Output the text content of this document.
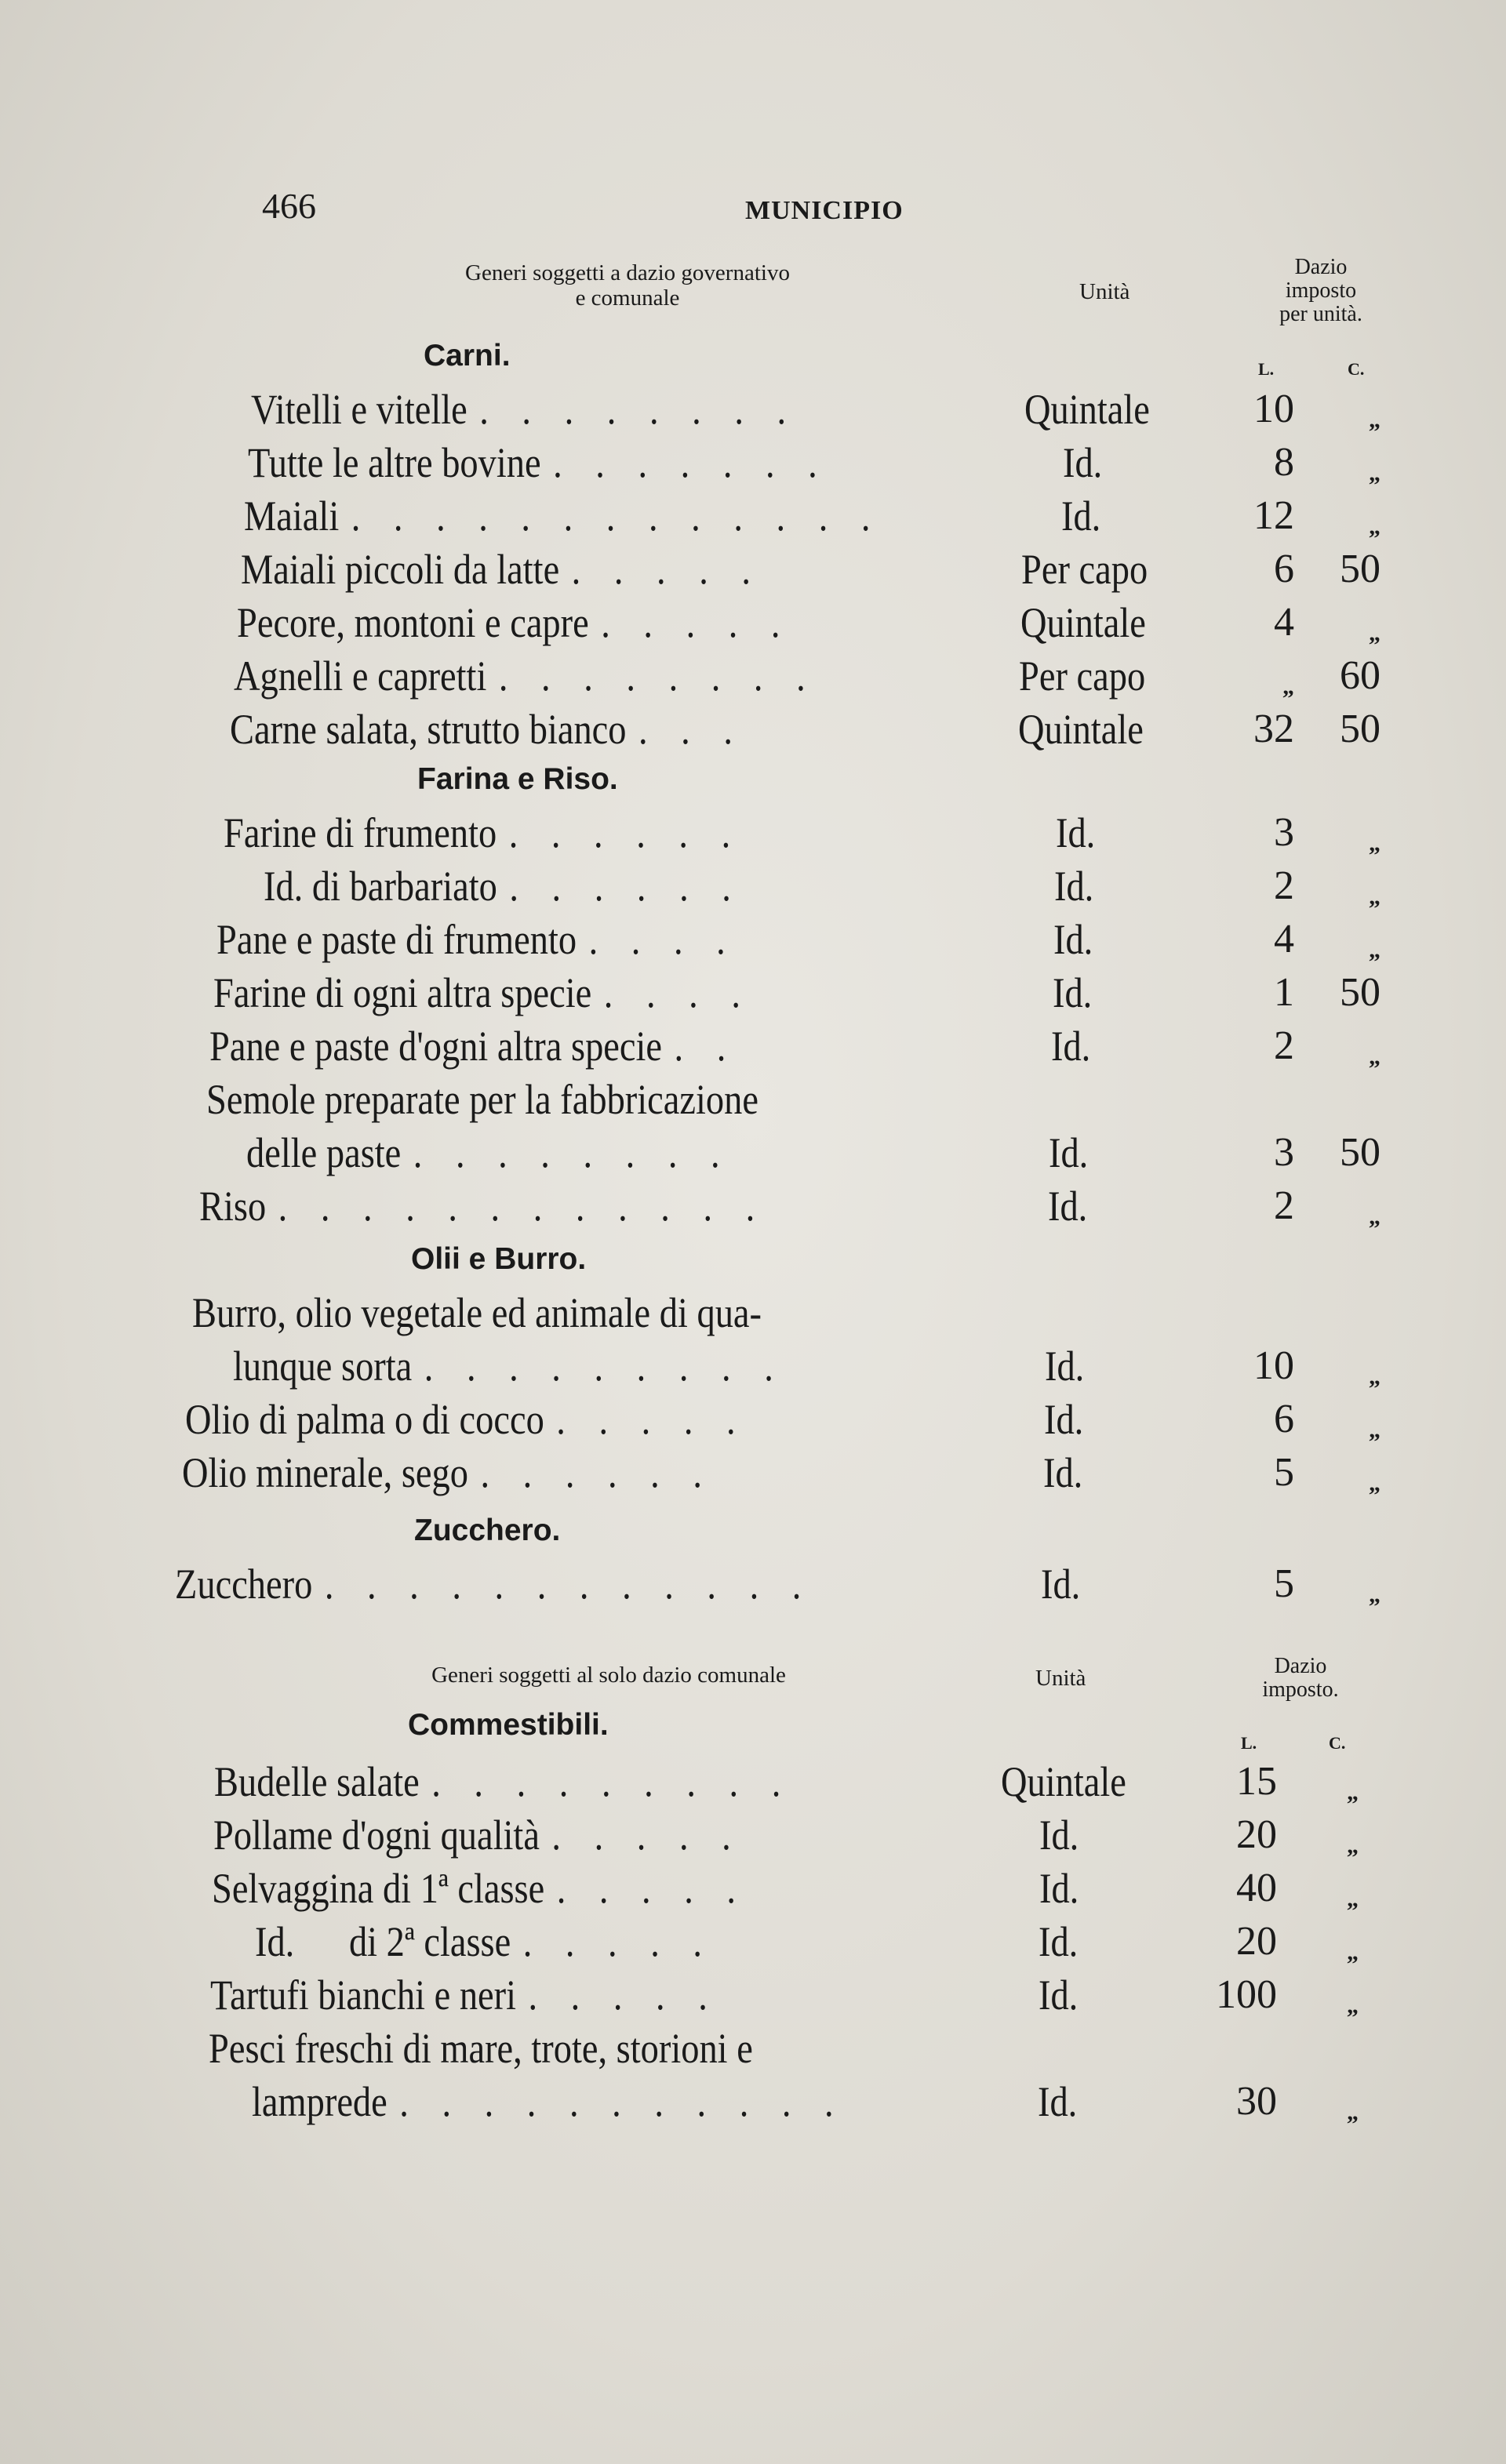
466	MUNICIPIO
Generi soggetti a dazio governativo
e comunale	Unità
Dazio
imposto
per unità.
L.	C.
Carni.
Vitelli e vitelle . . . . . . . .	Quintale	10	„
Tutte le altre bovine . . . . . . .	Id.	8	„
Maiali . . . . . . . . . . . . .	Id.	12	„
Maiali piccoli da latte . . . . .	Per capo	6	50
Pecore, montoni e capre . . . . .	Quintale	4	„
Agnelli e capretti . . . . . . . .	Per capo	„	60
Carne salata, strutto bianco . . .	Quintale	32	50
Farina e Riso.
Farine di frumento . . . . . .	Id.	3	„
Id. di barbariato . . . . . .	Id.	2	„
Pane e paste di frumento . . . .	Id.	4	„
Farine di ogni altra specie . . . .	Id.	1	50
Pane e paste d'ogni altra specie . .	Id.	2	„
Semole preparate per la fabbricazione
delle paste . . . . . . . .	Id.	3	50
Riso . . . . . . . . . . . .	Id.	2	„
Olii e Burro.
Burro, olio vegetale ed animale di qua-
lunque sorta . . . . . . . . .	Id.	10	„
Olio di palma o di cocco . . . . .	Id.	6	„
Olio minerale, sego . . . . . .	Id.	5	„
Zucchero.
Zucchero . . . . . . . . . . . .	Id.	5	„
Generi soggetti al solo dazio comunale	Unità	Dazio
imposto.
L.	C.
Commestibili.
Budelle salate . . . . . . . . .	Quintale	15	„
Pollame d'ogni qualità . . . . .	Id.	20	„
Selvaggina di 1ª classe . . . . .	Id.	40	„
Id.      di 2ª classe . . . . .	Id.	20	„
Tartufi bianchi e neri . . . . .	Id.	100	„
Pesci freschi di mare, trote, storioni e
lamprede . . . . . . . . . . .	Id.	30	„
